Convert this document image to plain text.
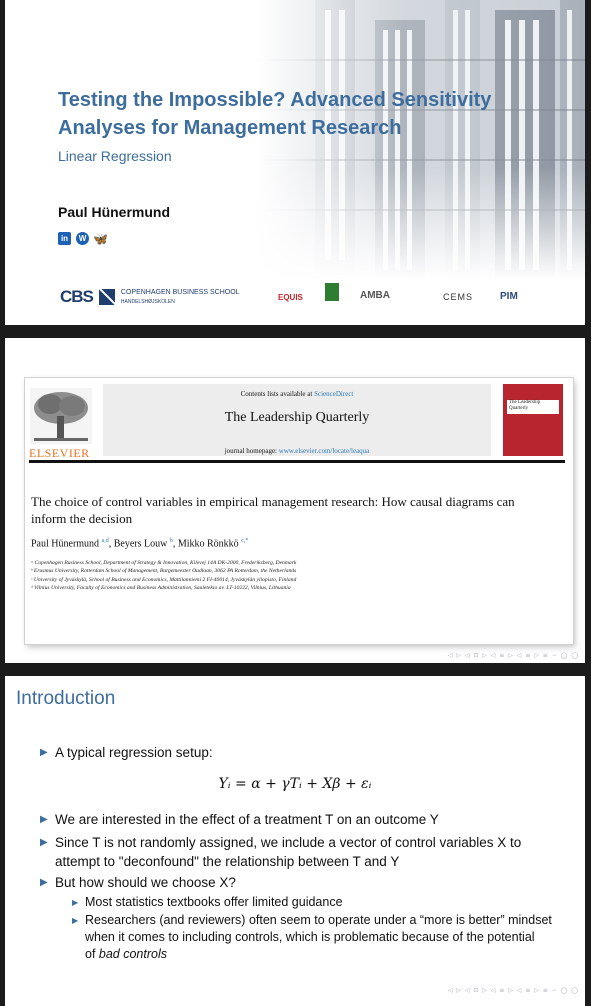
Testing the Impossible? Advanced Sensitivity Analyses for Management Research
Linear Regression
Paul Hünermund
in	W 🦋
CBS	COPENHAGEN BUSINESS SCHOOL
HANDELSHØJSKOLEN	EQUIS	AMBA	CEMS	PIM
ELSEVIER
Contents lists available at ScienceDirect
The Leadership Quarterly
journal homepage: www.elsevier.com/locate/leaqua
The Leadership Quarterly
The choice of control variables in empirical management research: How causal diagrams can inform the decision
Paul Hünermund $^{a,d}$, Beyers Louw $^b$, Mikko Rönkkö $^{c,*}$
ᵃ Copenhagen Business School, Department of Strategy & Innovation, Kilevej 14A DK-2000, Frederiksberg, Denmark
ᵇ Erasmus University, Rotterdam School of Management, Burgemeester Oudlaan, 3062 PA Rotterdam, the Netherlands
ᶜ University of Jyväskylä, School of Business and Economics, Mattilanniemi 2 FI-40014, Jyväskylän yliopisto, Finland
ᵈ Vilnius University, Faculty of Economics and Business Administration, Sauletekio av. LT-10222, Vilnius, Lithuania
◁ ▷ ◁ ⊡ ▷ ◁ ≡ ▷ ◁ ≡ ▷ ≡ ∽ ◯ ◯
Introduction
▶ A typical regression setup:
Yᵢ = α + γTᵢ + Xβ + εᵢ
▶ We are interested in the effect of a treatment T on an outcome Y
▶ Since T is not randomly assigned, we include a vector of control variables X to
attempt to "deconfound" the relationship between T and Y
▶ But how should we choose X?
▶ Most statistics textbooks offer limited guidance
▶ Researchers (and reviewers) often seem to operate under a “more is better” mindset
when it comes to including controls, which is problematic because of the potential
of bad controls
◁ ▷ ◁ ⊡ ▷ ◁ ≡ ▷ ◁ ≡ ▷ ≡ ∽ ◯ ◯
